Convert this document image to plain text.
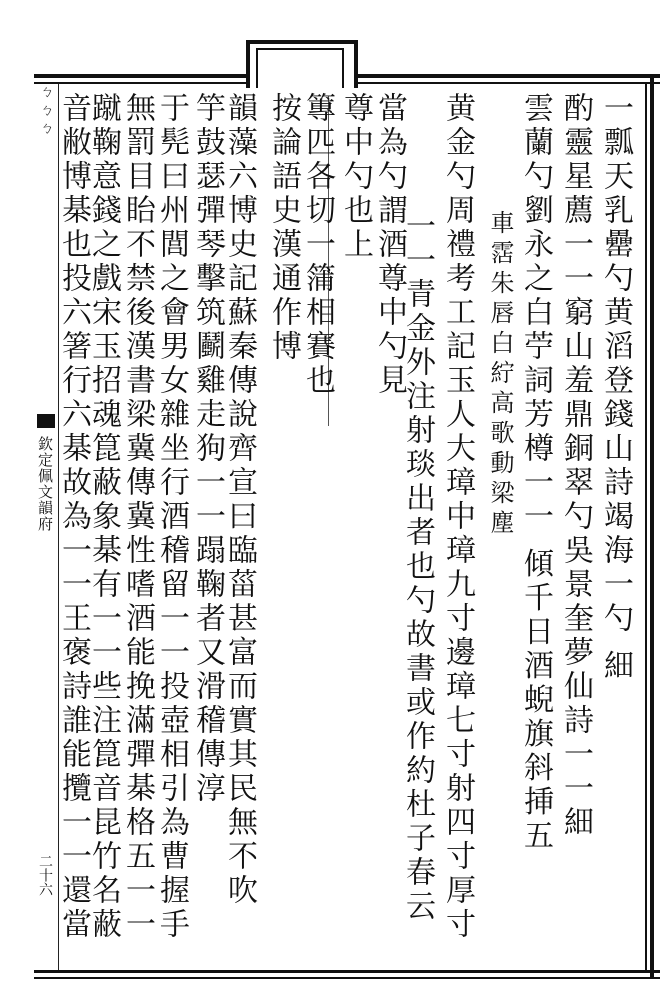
ㄅ ㄅ ㄅ
欽定佩文韻府
二十六
一瓢天乳罍勺黄滔登錢山詩竭海一勺 細
酌靈星薦一一窮山羞鼎銅翠勺吳景奎夢仙詩一一細
雲蘭勺劉永之白苧詞芳樽一一 傾千日酒蜺旗斜挿五
車霑朱唇白紵高歌動梁塵
黄金勺周禮考工記玉人大璋中璋九寸邊璋七寸射四寸厚寸
一一青金外注射琰出者也勺故書或作約杜子春云
當為勺謂酒尊中勺見
尊中勺也上
篿匹各切一䈬相賽也
按論語史漢通作博
韻藻六博史記蘇秦傳說齊宣曰臨菑甚富而實其民無不吹
竽鼓瑟彈琴擊筑鬬雞走狗一一蹋鞠者又滑稽傳淳
于髡曰州閭之會男女雜坐行酒稽留一一投壺相引為曹握手
無罰目眙不禁後漢書梁冀傳冀性嗜酒能挽滿彈棊格五一一
蹴鞠意錢之戲宋玉招魂箟蔽象棊有一一些注箟音昆竹名蔽
音敝博棊也投六箸行六棊故為一一王褒詩誰能攬一一還當
